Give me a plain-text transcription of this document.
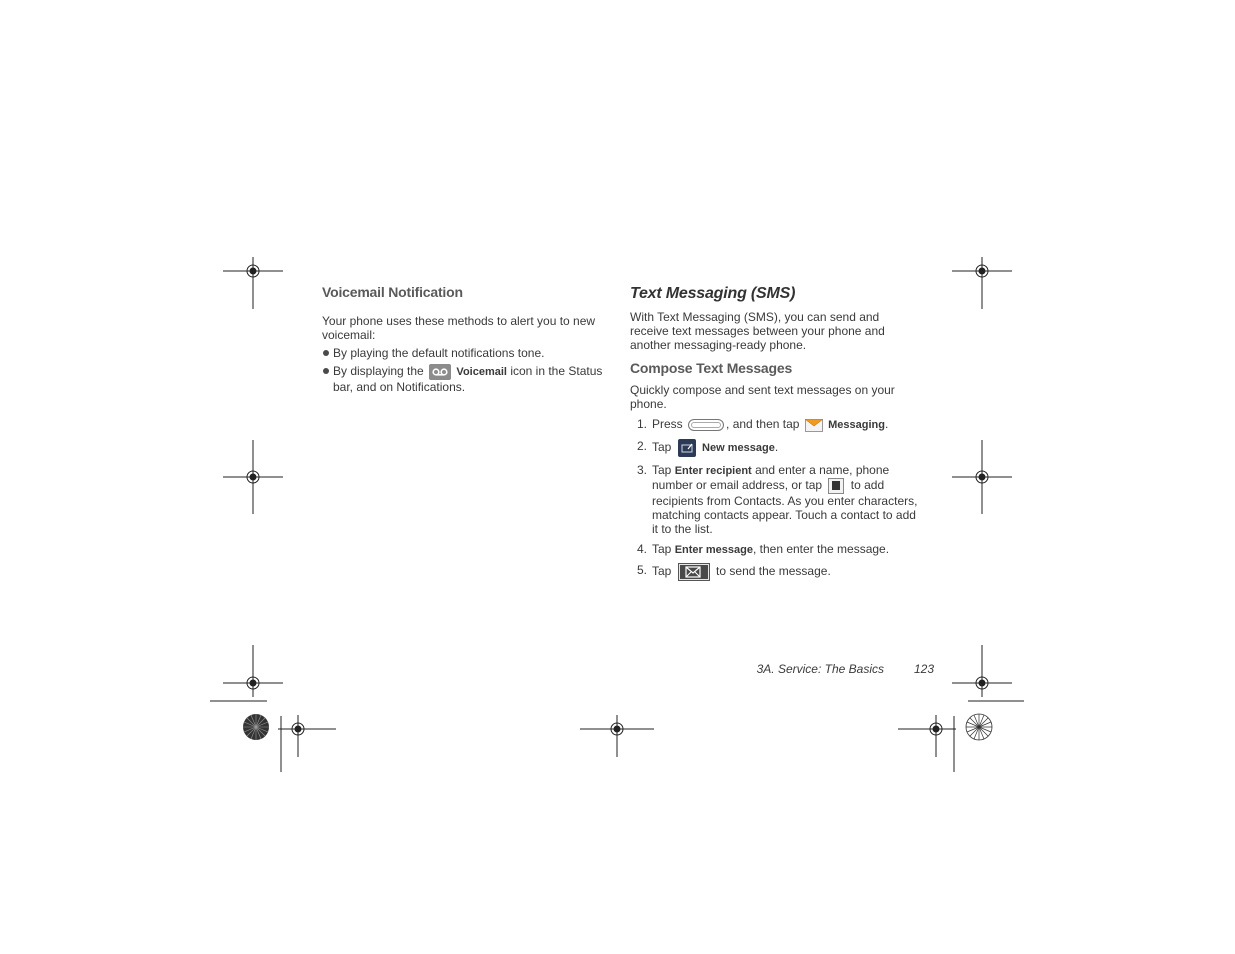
Voicemail Notification

Your phone uses these methods to alert you to new voicemail:

By playing the default notifications tone.
By displaying the	Voicemail icon in the Status bar, and on Notifications.
Text Messaging (SMS)

With Text Messaging (SMS), you can send and receive text messages between your phone and another messaging-ready phone.

Compose Text Messages

Quickly compose and sent text messages on your phone.

1. Press	, and then tap	Messaging.
2. Tap	New message.
3. Tap Enter recipient and enter a name, phone number or email address, or tap to add recipients from Contacts. As you enter characters, matching contacts appear. Touch a contact to add it to the list.
4. Tap Enter message, then enter the message.
5. Tap	to send the message.
3A. Service: The Basics 123
